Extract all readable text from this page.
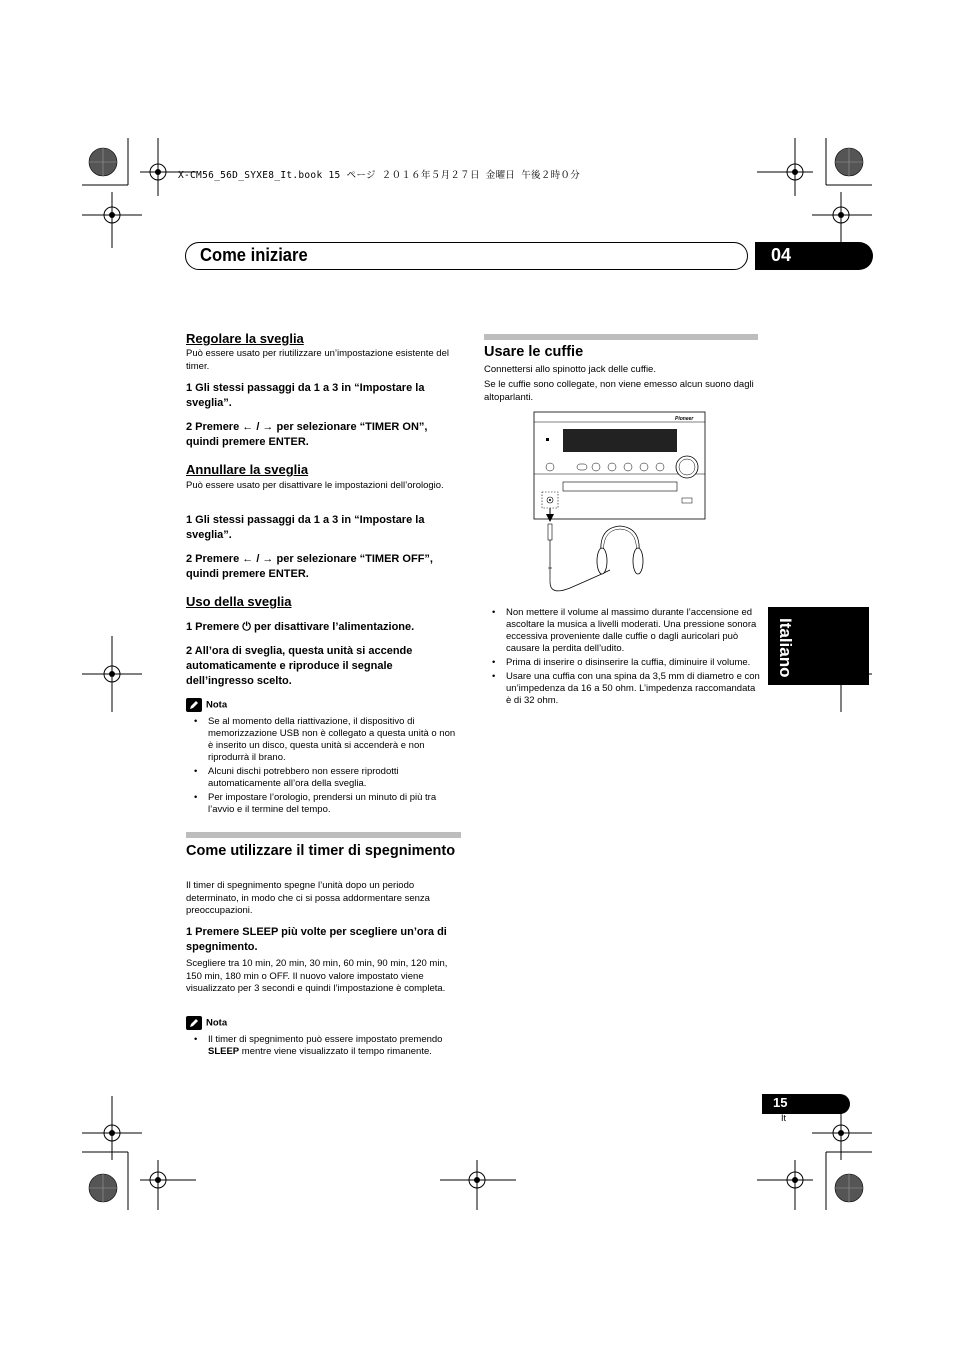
X-CM56_56D_SYXE8_It.book 15 ページ ２０１６年５月２７日 金曜日 午後２時０分
Come iniziare	04
Italiano
Regolare la sveglia
Può essere usato per riutilizzare un’impostazione esistente del timer.
1 Gli stessi passaggi da 1 a 3 in “Impostare la sveglia”.
2 Premere ← / → per selezionare “TIMER ON”, quindi premere ENTER.
Annullare la sveglia
Può essere usato per disattivare le impostazioni dell’orologio.
1 Gli stessi passaggi da 1 a 3 in “Impostare la sveglia”.
2 Premere ← / → per selezionare “TIMER OFF”, quindi premere ENTER.
Uso della sveglia
1 Premere ⏻ per disattivare l’alimentazione.
2 All’ora di sveglia, questa unità si accende automaticamente e riproduce il segnale dell’ingresso scelto.
Nota
• Se al momento della riattivazione, il dispositivo di memorizzazione USB non è collegato a questa unità o non è inserito un disco, questa unità si accenderà e non riprodurrà il brano.
• Alcuni dischi potrebbero non essere riprodotti automaticamente all’ora della sveglia.
• Per impostare l’orologio, prendersi un minuto di più tra l’avvio e il termine del tempo.
Come utilizzare il timer di spegnimento
Il timer di spegnimento spegne l’unità dopo un periodo determinato, in modo che ci si possa addormentare senza preoccupazioni.
1 Premere SLEEP più volte per scegliere un’ora di spegnimento.
Scegliere tra 10 min, 20 min, 30 min, 60 min, 90 min, 120 min, 150 min, 180 min o OFF. Il nuovo valore impostato viene visualizzato per 3 secondi e quindi l’impostazione è completa.
Nota
• Il timer di spegnimento può essere impostato premendo SLEEP mentre viene visualizzato il tempo rimanente.
Usare le cuffie
Connettersi allo spinotto jack delle cuffie.
Se le cuffie sono collegate, non viene emesso alcun suono dagli altoparlanti.
Pioneer
• Non mettere il volume al massimo durante l’accensione ed ascoltare la musica a livelli moderati. Una pressione sonora eccessiva proveniente dalle cuffie o dagli auricolari può causare la perdita dell’udito.
• Prima di inserire o disinserire la cuffia, diminuire il volume.
• Usare una cuffia con una spina da 3,5 mm di diametro e con un’impedenza da 16 a 50 ohm. L’impedenza raccomandata è di 32 ohm.
15
It
